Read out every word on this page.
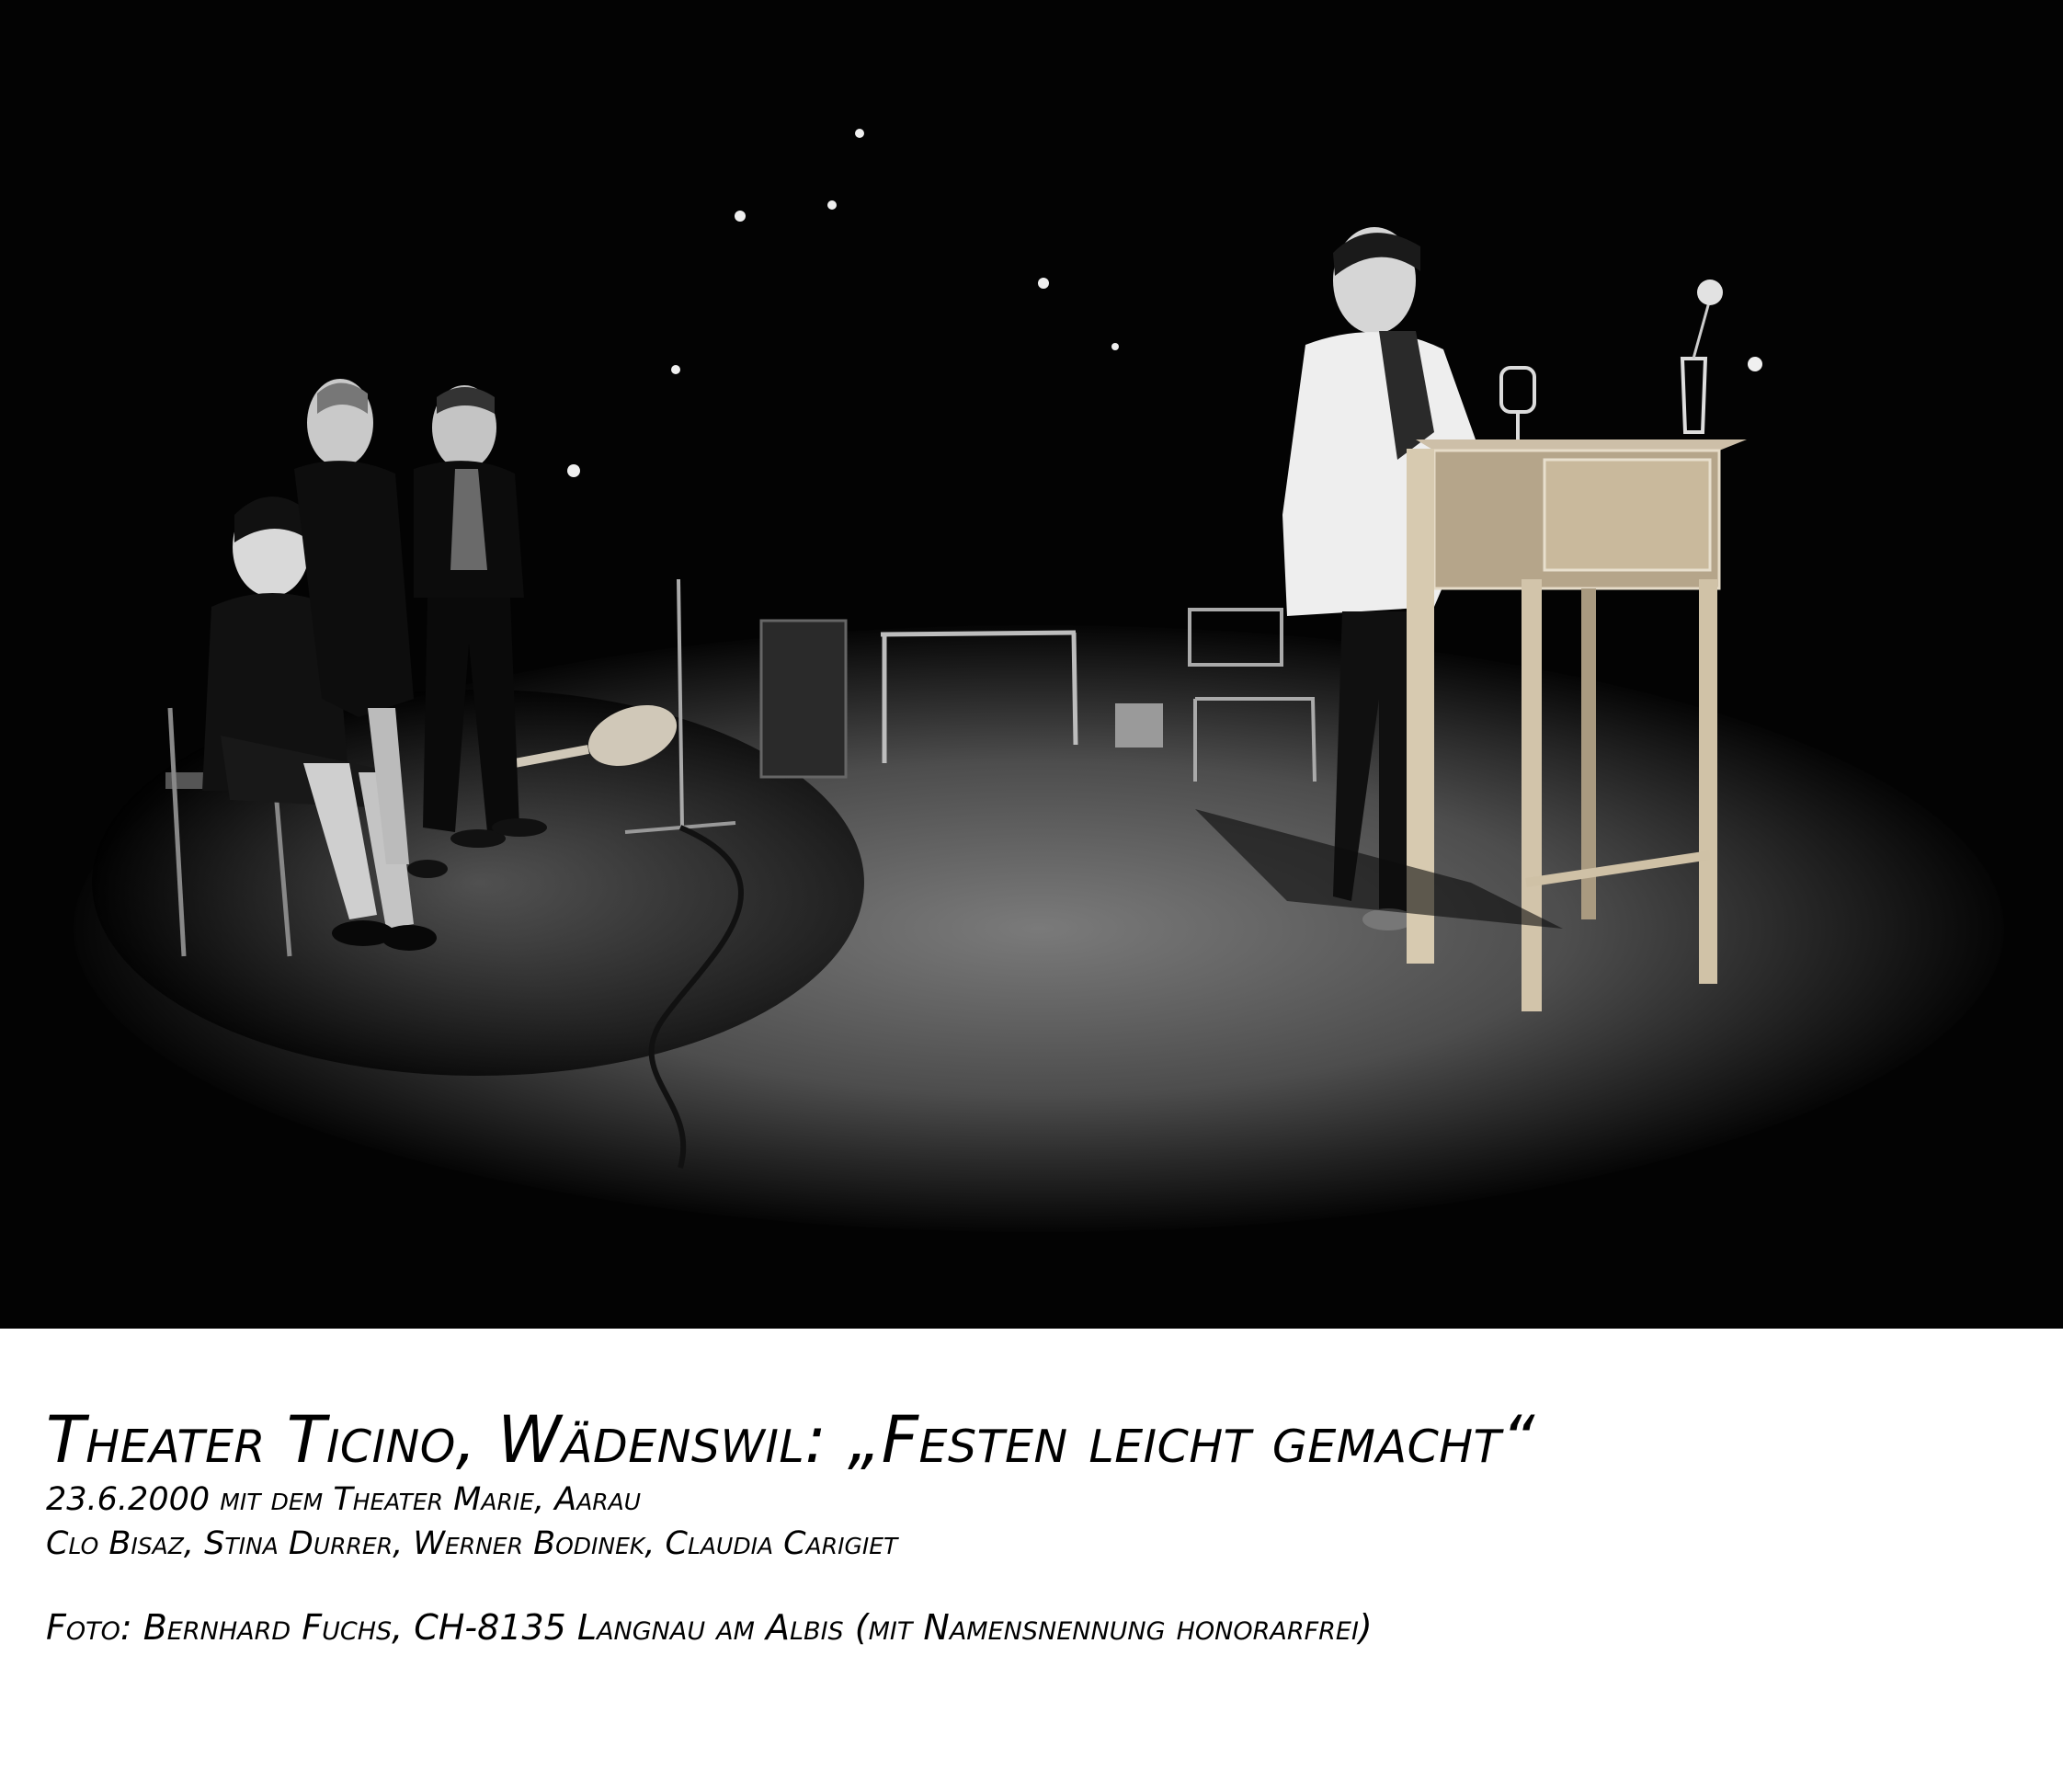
Theater Ticino, Wädenswil: „Festen leicht gemacht“
23.6.2000 mit dem Theater Marie, Aarau
Clo Bisaz, Stina Durrer, Werner Bodinek, Claudia Carigiet
Foto: Bernhard Fuchs, CH-8135 Langnau am Albis (mit Namensnennung honorarfrei)
